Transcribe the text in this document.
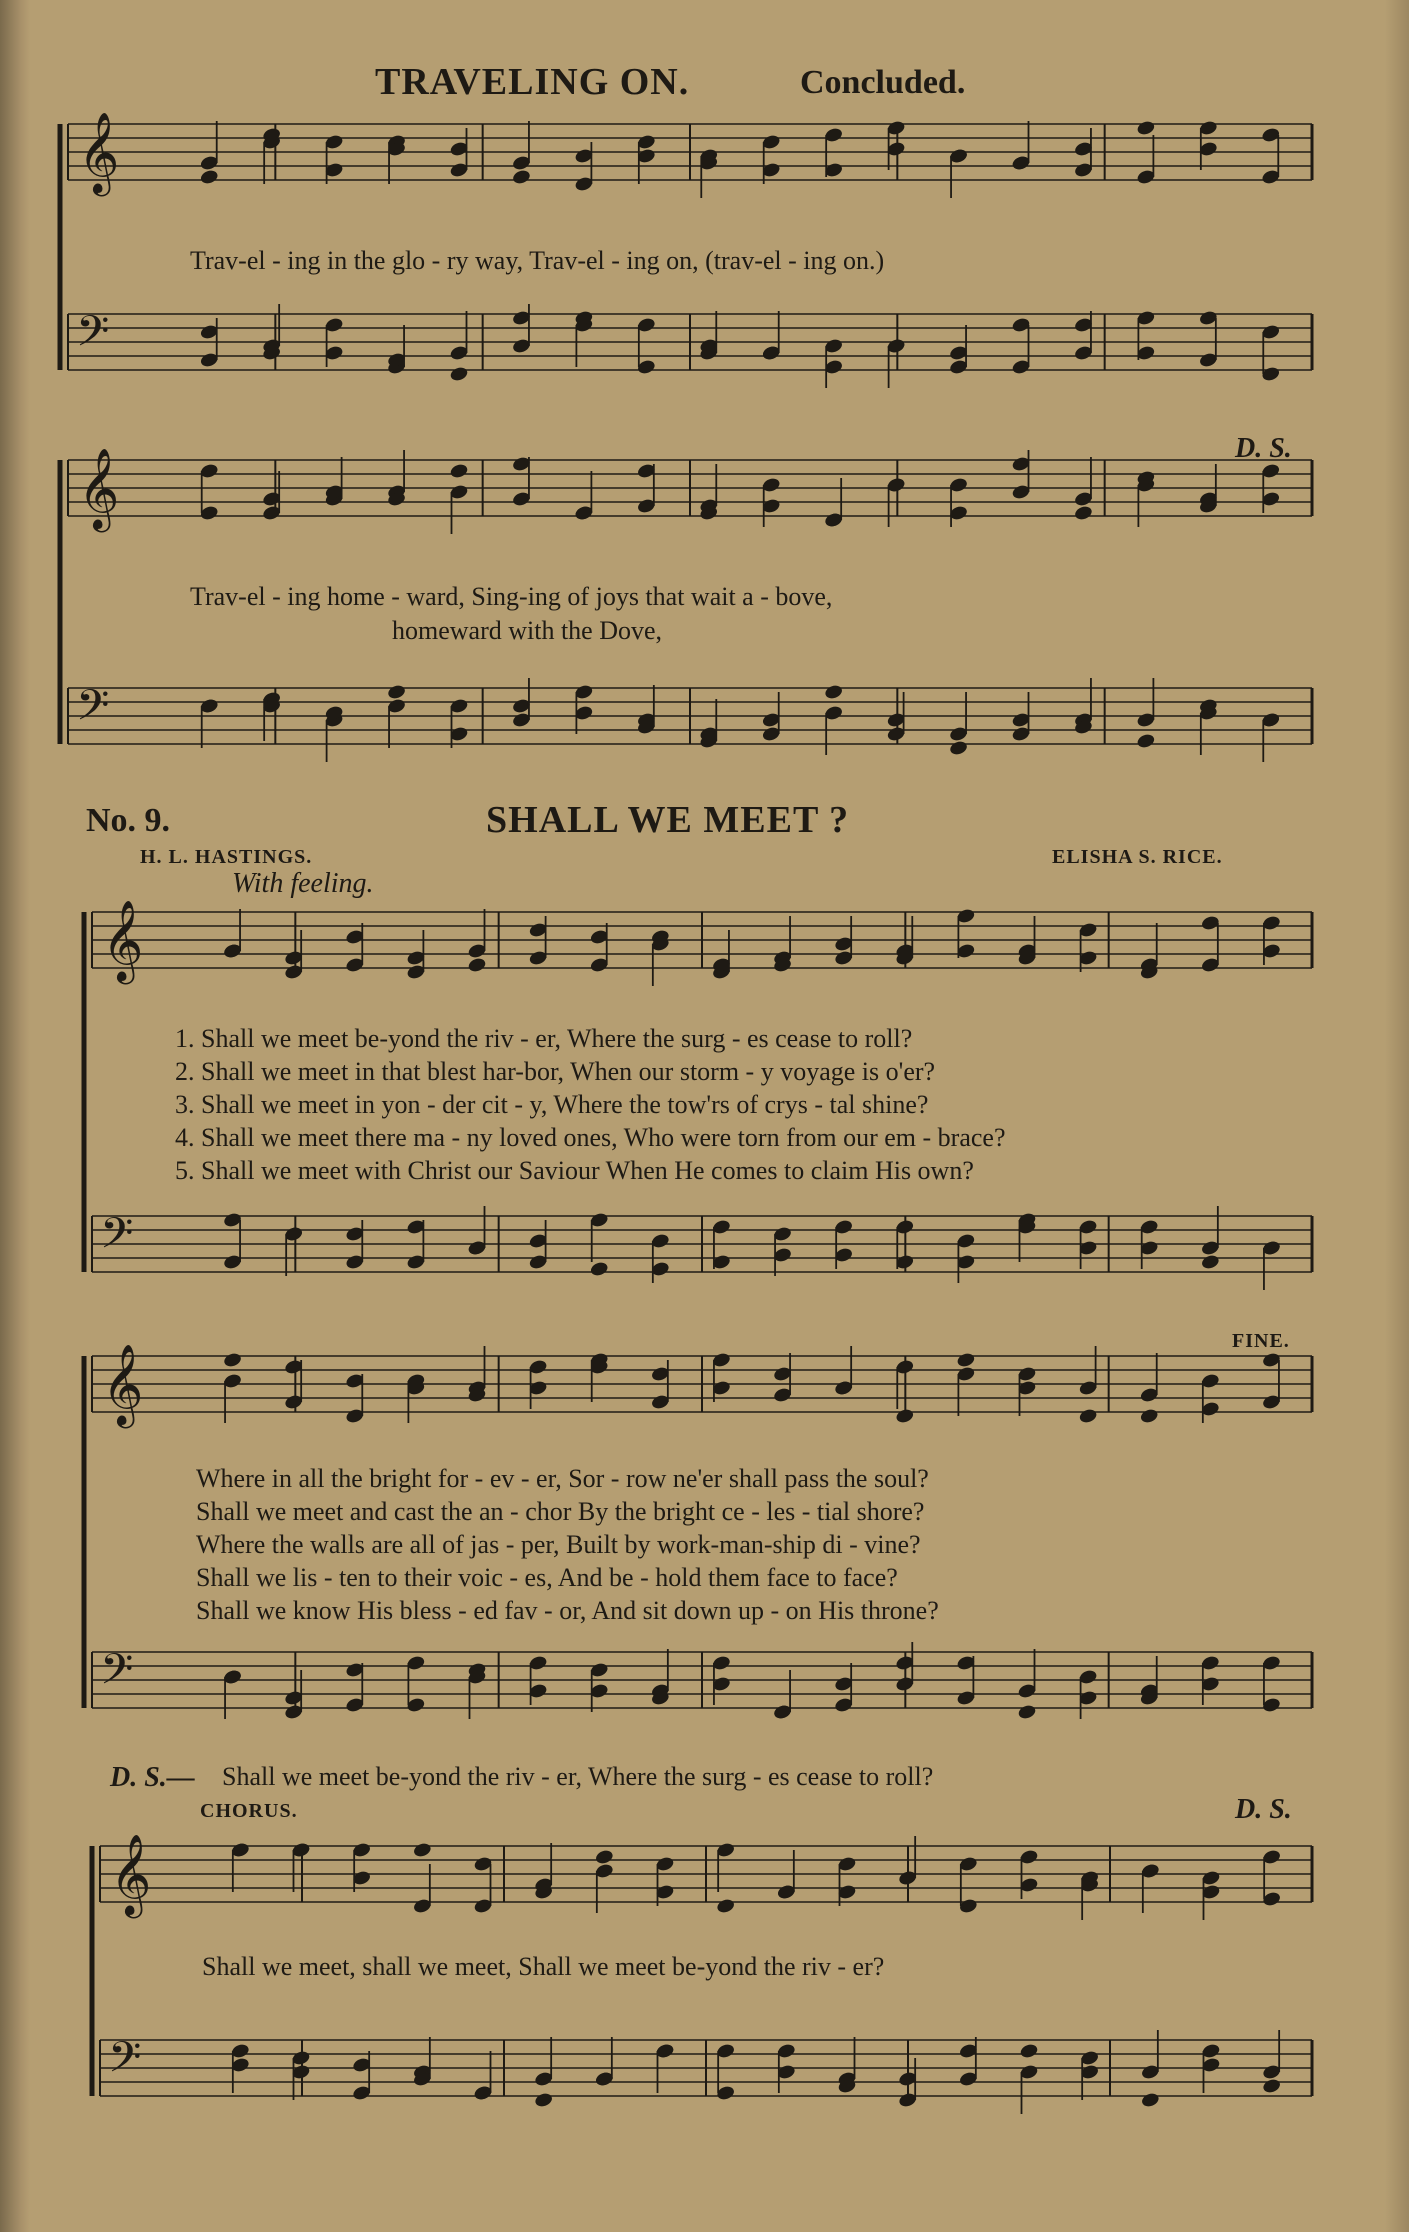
𝄞
𝄢
𝄞
𝄢
𝄞
𝄢
𝄞
𝄢
𝄞
𝄢
TRAVELING ON.	Concluded.
Trav-el - ing in the glo - ry way, Trav-el - ing on, (trav-el - ing on.)
D. S.
Trav-el - ing home - ward, Sing-ing of joys that wait a - bove,
homeward with the Dove,
No. 9.	SHALL WE MEET ?
H. L. HASTINGS.	ELISHA S. RICE.
With feeling.
1. Shall we meet be-yond the riv - er, Where the surg - es cease to roll?
2. Shall we meet in that blest har-bor, When our storm - y voyage is o'er?
3. Shall we meet in yon - der cit - y, Where the tow'rs of crys - tal shine?
4. Shall we meet there ma - ny loved ones, Who were torn from our em - brace?
5. Shall we meet with Christ our Saviour When He comes to claim His own?
FINE.
Where in all the bright for - ev - er, Sor - row ne'er shall pass the soul?
Shall we meet and cast the an - chor By the bright ce - les - tial shore?
Where the walls are all of jas - per, Built by work-man-ship di - vine?
Shall we lis - ten to their voic - es, And be - hold them face to face?
Shall we know His bless - ed fav - or, And sit down up - on His throne?
D. S.— Shall we meet be-yond the riv - er, Where the surg - es cease to roll?
CHORUS.	D. S.
Shall we meet, shall we meet, Shall we meet be-yond the riv - er?
